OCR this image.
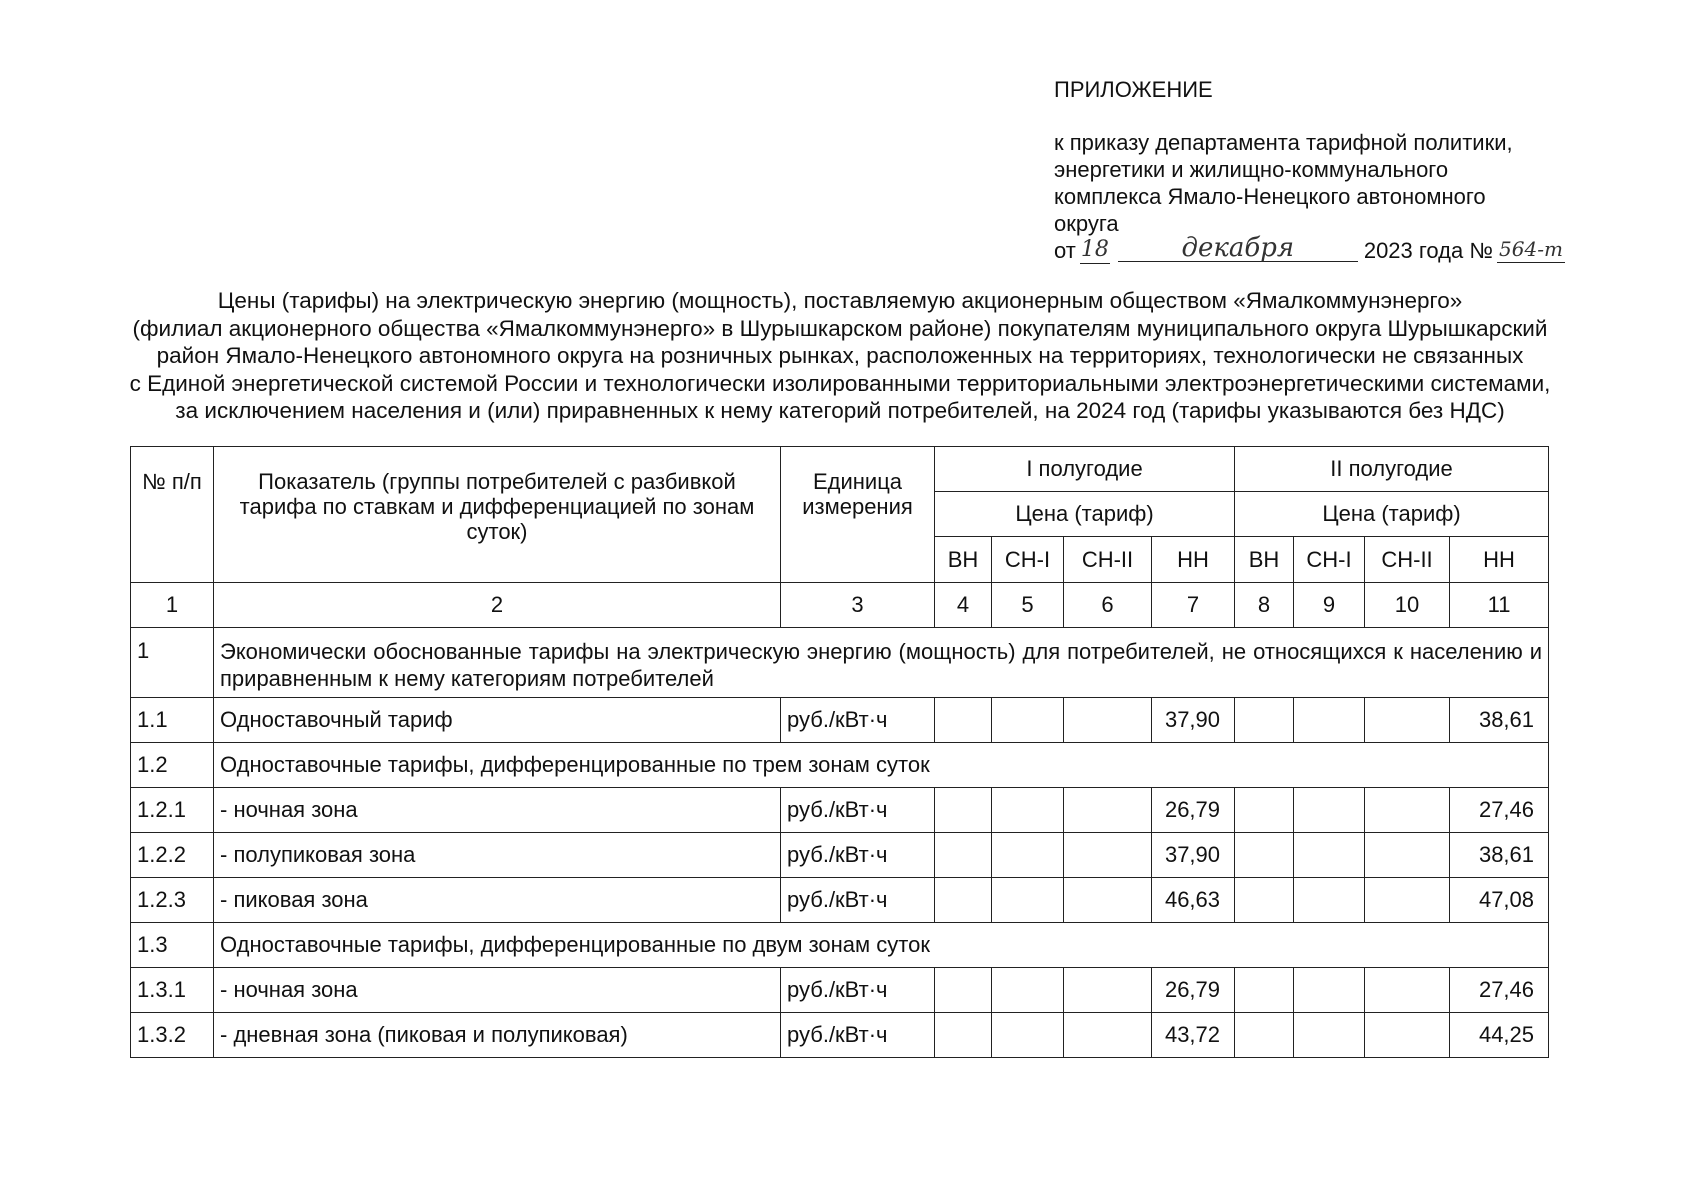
ПРИЛОЖЕНИЕ
к приказу департамента тарифной политики,
энергетики и жилищно-коммунального
комплекса Ямало-Ненецкого автономного
округа
от 18	декабря	2023 года № 564-т
Цены (тарифы) на электрическую энергию (мощность), поставляемую акционерным обществом «Ямалкоммунэнерго»
(филиал акционерного общества «Ямалкоммунэнерго» в Шурышкарском районе) покупателям муниципального округа Шурышкарский
район Ямало-Ненецкого автономного округа на розничных рынках, расположенных на территориях, технологически не связанных
с Единой энергетической системой России и технологически изолированными территориальными электроэнергетическими системами,
за исключением населения и (или) приравненных к нему категорий потребителей, на 2024 год (тарифы указываются без НДС)
№ п/п	Показатель (группы потребителей с разбивкой тарифа по ставкам и дифференциацией по зонам суток)	Единица измерения	I полугодие				II полугодие			
			Цена (тариф)				Цена (тариф)			
			ВН	СН-I	СН-II	НН	ВН	СН-I	СН-II	НН
1	2	3	4	5	6	7	8	9	10	11
1	Экономически обоснованные тарифы на электрическую энергию (мощность) для потребителей, не относящихся к населению и приравненным к нему категориям потребителей									
1.1	Одноставочный тариф	руб./кВт·ч				37,90				38,61
1.2	Одноставочные тарифы, дифференцированные по трем зонам суток									
1.2.1	- ночная зона	руб./кВт·ч				26,79				27,46
1.2.2	- полупиковая зона	руб./кВт·ч				37,90				38,61
1.2.3	- пиковая зона	руб./кВт·ч				46,63				47,08
1.3	Одноставочные тарифы, дифференцированные по двум зонам суток									
1.3.1	- ночная зона	руб./кВт·ч				26,79				27,46
1.3.2	- дневная зона (пиковая и полупиковая)	руб./кВт·ч				43,72				44,25
